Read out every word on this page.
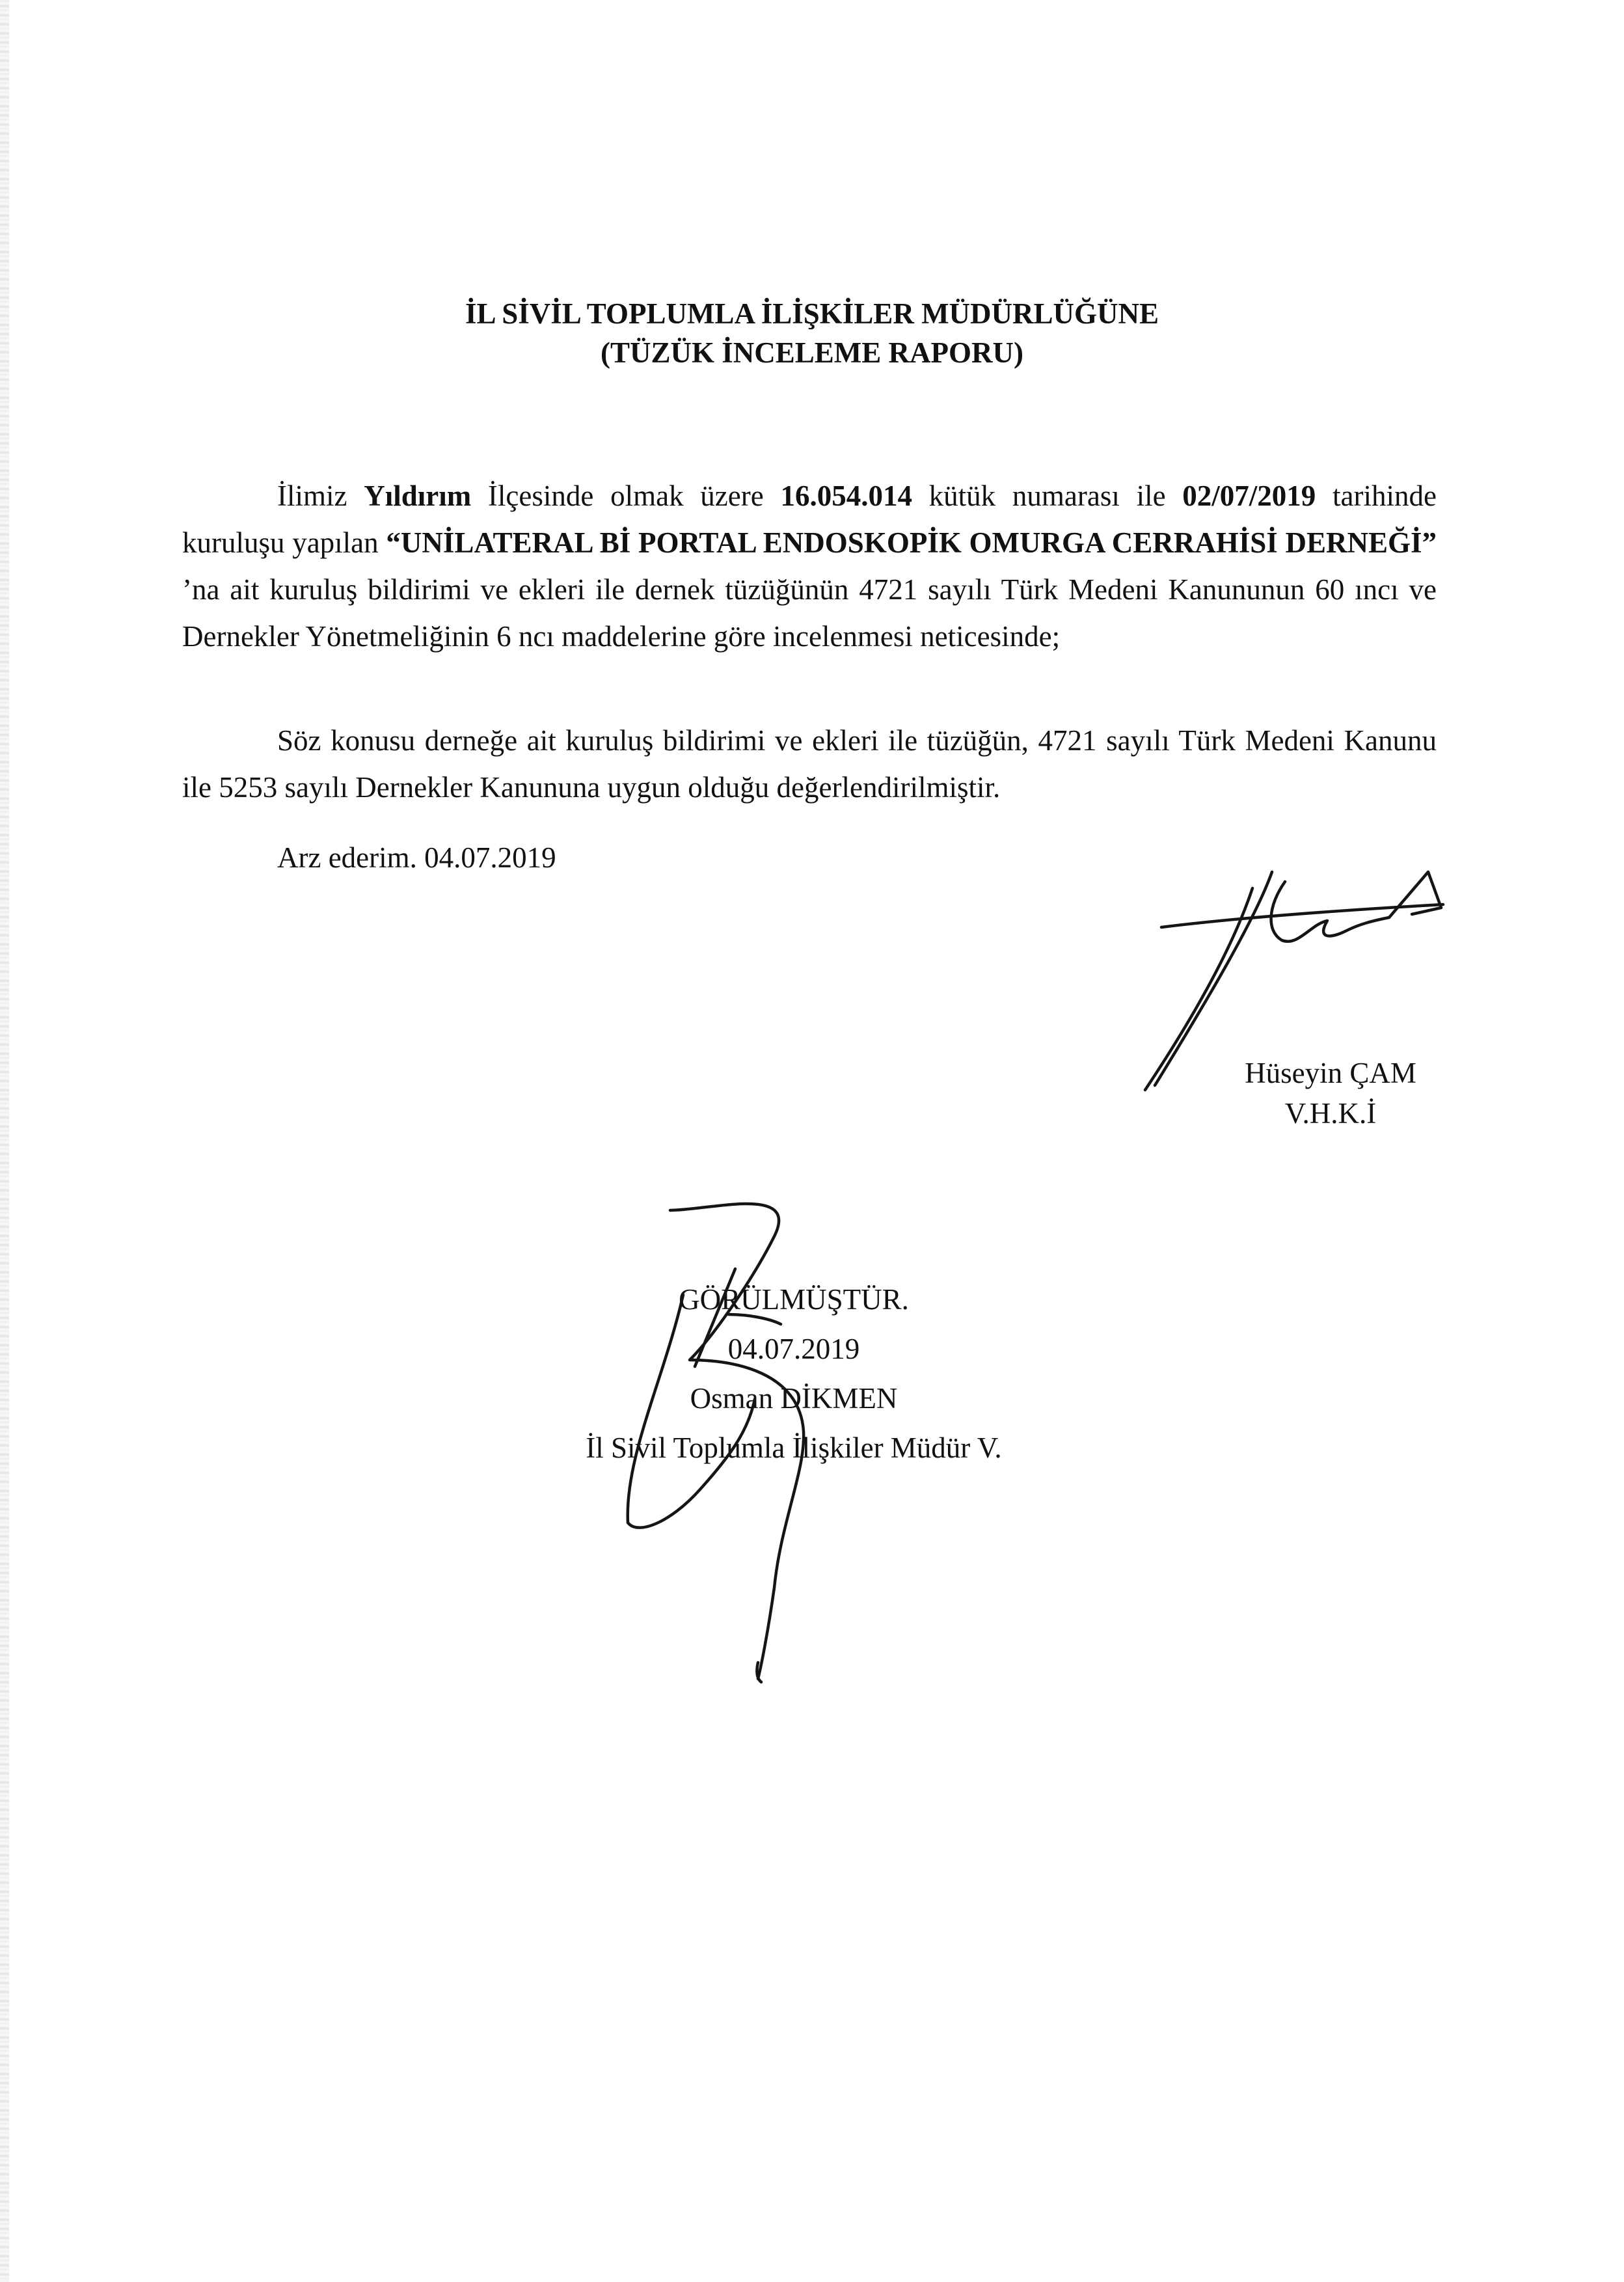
İL SİVİL TOPLUMLA İLİŞKİLER MÜDÜRLÜĞÜNE
(TÜZÜK İNCELEME RAPORU)

İlimiz Yıldırım İlçesinde olmak üzere 16.054.014 kütük numarası ile 02/07/2019 tarihinde kuruluşu yapılan “UNİLATERAL Bİ PORTAL ENDOSKOPİK OMURGA CERRAHİSİ DERNEĞİ” ’na ait kuruluş bildirimi ve ekleri ile dernek tüzüğünün 4721 sayılı Türk Medeni Kanununun 60 ıncı ve Dernekler Yönetmeliğinin 6 ncı maddelerine göre incelenmesi neticesinde;

Söz konusu derneğe ait kuruluş bildirimi ve ekleri ile tüzüğün, 4721 sayılı Türk Medeni Kanunu ile 5253 sayılı Dernekler Kanununa uygun olduğu değerlendirilmiştir.

Arz ederim. 04.07.2019

Hüseyin ÇAM
V.H.K.İ
GÖRÜLMÜŞTÜR.
04.07.2019
Osman DİKMEN
İl Sivil Toplumla İlişkiler Müdür V.
